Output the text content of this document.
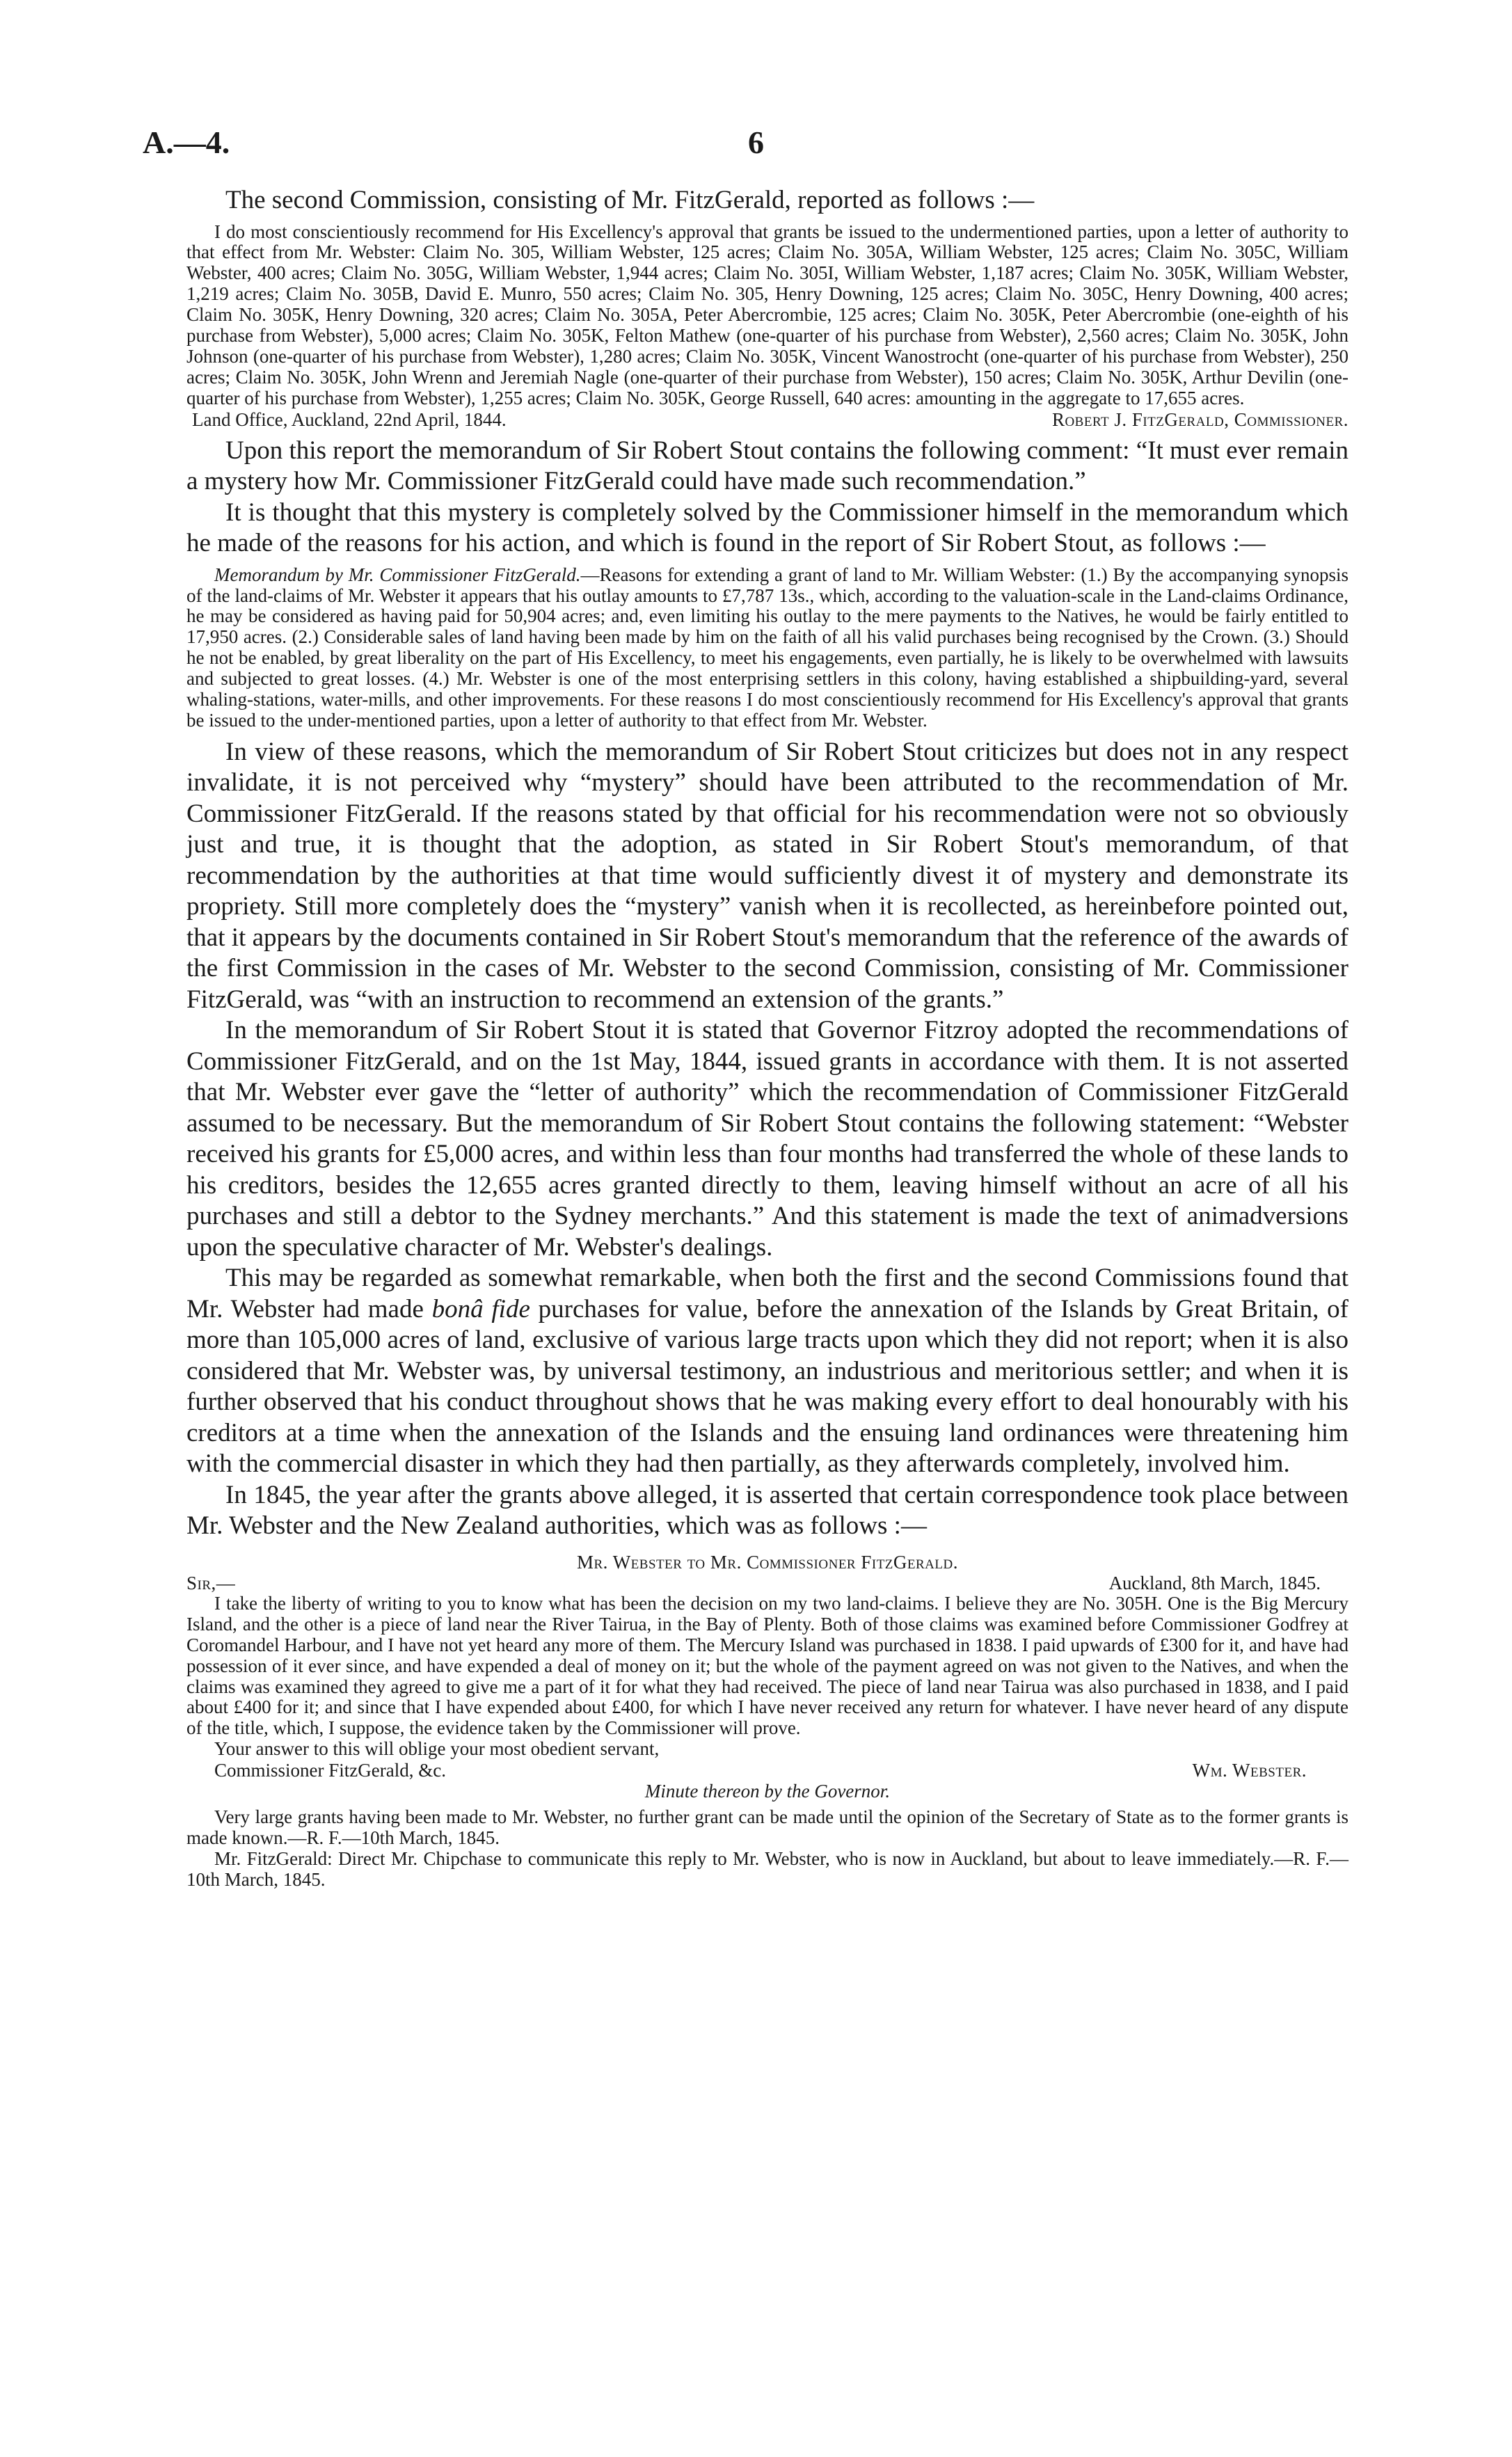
A.—4.	6

The second Commission, consisting of Mr. FitzGerald, reported as follows :—

I do most conscientiously recommend for His Excellency's approval that grants be issued to the undermentioned parties, upon a letter of authority to that effect from Mr. Webster: Claim No. 305, William Webster, 125 acres; Claim No. 305A, William Webster, 125 acres; Claim No. 305C, William Webster, 400 acres; Claim No. 305G, William Webster, 1,944 acres; Claim No. 305I, William Webster, 1,187 acres; Claim No. 305K, William Webster, 1,219 acres; Claim No. 305B, David E. Munro, 550 acres; Claim No. 305, Henry Downing, 125 acres; Claim No. 305C, Henry Downing, 400 acres; Claim No. 305K, Henry Downing, 320 acres; Claim No. 305A, Peter Abercrombie, 125 acres; Claim No. 305K, Peter Abercrombie (one-eighth of his purchase from Webster), 5,000 acres; Claim No. 305K, Felton Mathew (one-quarter of his purchase from Webster), 2,560 acres; Claim No. 305K, John Johnson (one-quarter of his purchase from Webster), 1,280 acres; Claim No. 305K, Vincent Wanostrocht (one-quarter of his purchase from Webster), 250 acres; Claim No. 305K, John Wrenn and Jeremiah Nagle (one-quarter of their purchase from Webster), 150 acres; Claim No. 305K, Arthur Devilin (one-quarter of his purchase from Webster), 1,255 acres; Claim No. 305K, George Russell, 640 acres: amounting in the aggregate to 17,655 acres.

Land Office, Auckland, 22nd April, 1844.	Robert J. FitzGerald, Commissioner.

Upon this report the memorandum of Sir Robert Stout contains the following comment: “It must ever remain a mystery how Mr. Commissioner FitzGerald could have made such recommendation.”

It is thought that this mystery is completely solved by the Commissioner himself in the memorandum which he made of the reasons for his action, and which is found in the report of Sir Robert Stout, as follows :—

Memorandum by Mr. Commissioner FitzGerald.—Reasons for extending a grant of land to Mr. William Webster: (1.) By the accompanying synopsis of the land-claims of Mr. Webster it appears that his outlay amounts to £7,787 13s., which, according to the valuation-scale in the Land-claims Ordinance, he may be considered as having paid for 50,904 acres; and, even limiting his outlay to the mere payments to the Natives, he would be fairly entitled to 17,950 acres. (2.) Considerable sales of land having been made by him on the faith of all his valid purchases being recognised by the Crown. (3.) Should he not be enabled, by great liberality on the part of His Excellency, to meet his engagements, even partially, he is likely to be overwhelmed with lawsuits and subjected to great losses. (4.) Mr. Webster is one of the most enterprising settlers in this colony, having established a shipbuilding-yard, several whaling-stations, water-mills, and other improvements. For these reasons I do most conscientiously recommend for His Excellency's approval that grants be issued to the under-mentioned parties, upon a letter of authority to that effect from Mr. Webster.

In view of these reasons, which the memorandum of Sir Robert Stout criticizes but does not in any respect invalidate, it is not perceived why “mystery” should have been attributed to the recommendation of Mr. Commissioner FitzGerald. If the reasons stated by that official for his recommendation were not so obviously just and true, it is thought that the adoption, as stated in Sir Robert Stout's memorandum, of that recommendation by the authorities at that time would sufficiently divest it of mystery and demonstrate its propriety. Still more completely does the “mystery” vanish when it is recollected, as hereinbefore pointed out, that it appears by the documents contained in Sir Robert Stout's memorandum that the reference of the awards of the first Commission in the cases of Mr. Webster to the second Commission, consisting of Mr. Commissioner FitzGerald, was “with an instruction to recommend an extension of the grants.”

In the memorandum of Sir Robert Stout it is stated that Governor Fitzroy adopted the recommendations of Commissioner FitzGerald, and on the 1st May, 1844, issued grants in accordance with them. It is not asserted that Mr. Webster ever gave the “letter of authority” which the recommendation of Commissioner FitzGerald assumed to be necessary. But the memorandum of Sir Robert Stout contains the following statement: “Webster received his grants for £5,000 acres, and within less than four months had transferred the whole of these lands to his creditors, besides the 12,655 acres granted directly to them, leaving himself without an acre of all his purchases and still a debtor to the Sydney merchants.” And this statement is made the text of animadversions upon the speculative character of Mr. Webster's dealings.

This may be regarded as somewhat remarkable, when both the first and the second Commissions found that Mr. Webster had made bonâ fide purchases for value, before the annexation of the Islands by Great Britain, of more than 105,000 acres of land, exclusive of various large tracts upon which they did not report; when it is also considered that Mr. Webster was, by universal testimony, an industrious and meritorious settler; and when it is further observed that his conduct throughout shows that he was making every effort to deal honourably with his creditors at a time when the annexation of the Islands and the ensuing land ordinances were threatening him with the commercial disaster in which they had then partially, as they afterwards completely, involved him.

In 1845, the year after the grants above alleged, it is asserted that certain correspondence took place between Mr. Webster and the New Zealand authorities, which was as follows :—

Mr. Webster to Mr. Commissioner FitzGerald.
Sir,—	Auckland, 8th March, 1845.

I take the liberty of writing to you to know what has been the decision on my two land-claims. I believe they are No. 305H. One is the Big Mercury Island, and the other is a piece of land near the River Tairua, in the Bay of Plenty. Both of those claims was examined before Commissioner Godfrey at Coromandel Harbour, and I have not yet heard any more of them. The Mercury Island was purchased in 1838. I paid upwards of £300 for it, and have had possession of it ever since, and have expended a deal of money on it; but the whole of the payment agreed on was not given to the Natives, and when the claims was examined they agreed to give me a part of it for what they had received. The piece of land near Tairua was also purchased in 1838, and I paid about £400 for it; and since that I have expended about £400, for which I have never received any return for whatever. I have never heard of any dispute of the title, which, I suppose, the evidence taken by the Commissioner will prove.

Your answer to this will oblige your most obedient servant,
Commissioner FitzGerald, &c.	Wm. Webster.
Minute thereon by the Governor.

Very large grants having been made to Mr. Webster, no further grant can be made until the opinion of the Secretary of State as to the former grants is made known.—R. F.—10th March, 1845.

Mr. FitzGerald: Direct Mr. Chipchase to communicate this reply to Mr. Webster, who is now in Auckland, but about to leave immediately.—R. F.—10th March, 1845.
